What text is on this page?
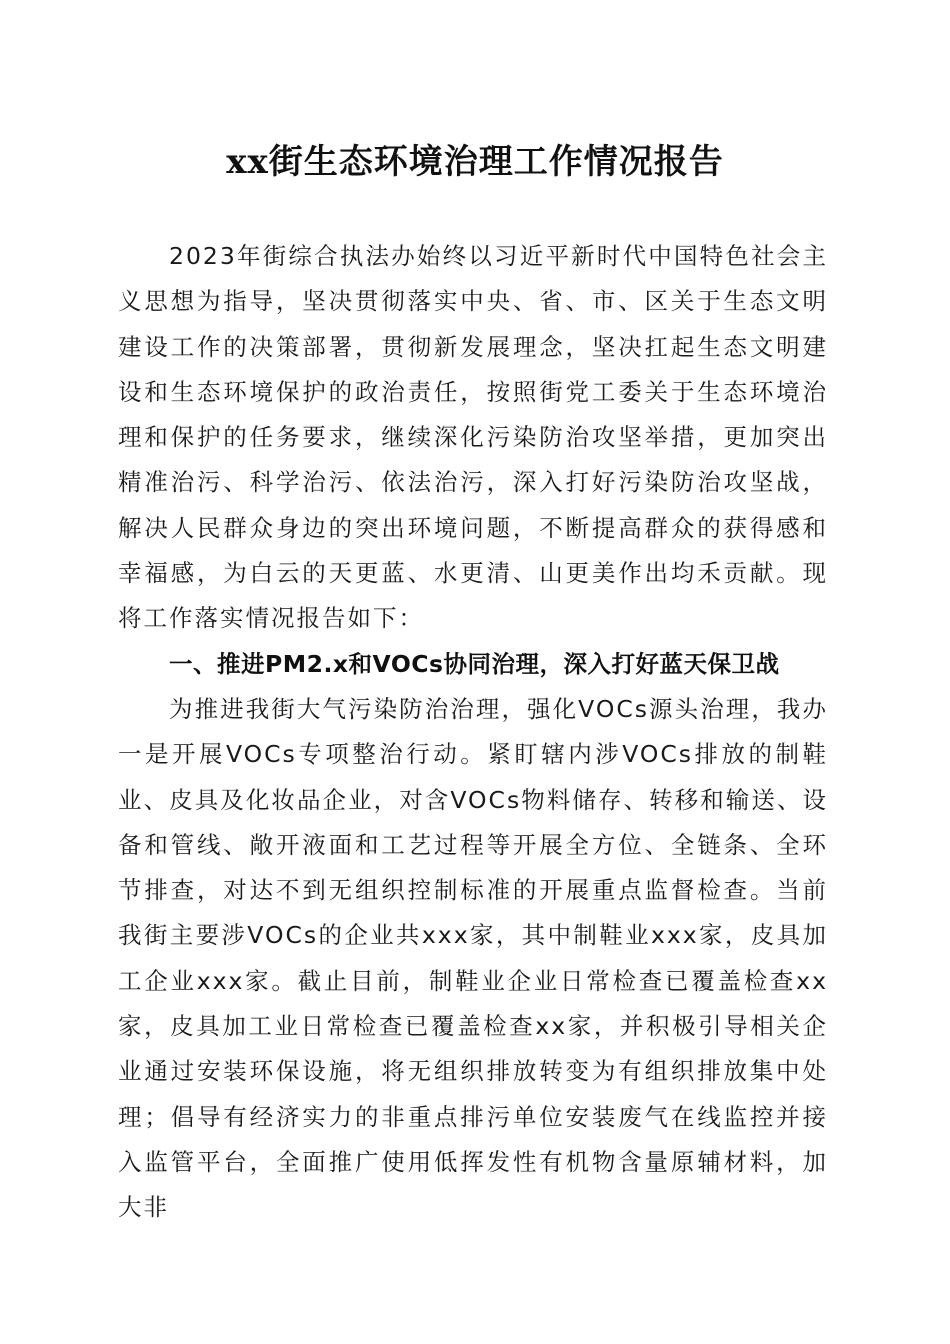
xx街生态环境治理工作情况报告

2023年街综合执法办始终以习近平新时代中国特色社会主义思想为指导，坚决贯彻落实中央、省、市、区关于生态文明建设工作的决策部署，贯彻新发展理念，坚决扛起生态文明建设和生态环境保护的政治责任，按照街党工委关于生态环境治理和保护的任务要求，继续深化污染防治攻坚举措，更加突出精准治污、科学治污、依法治污，深入打好污染防治攻坚战，解决人民群众身边的突出环境问题，不断提高群众的获得感和幸福感，为白云的天更蓝、水更清、山更美作出均禾贡献。现将工作落实情况报告如下：

一、推进PM2.x和VOCs协同治理，深入打好蓝天保卫战

为推进我街大气污染防治治理，强化VOCs源头治理，我办一是开展VOCs专项整治行动。紧盯辖内涉VOCs排放的制鞋业、皮具及化妆品企业，对含VOCs物料储存、转移和输送、设备和管线、敞开液面和工艺过程等开展全方位、全链条、全环节排查，对达不到无组织控制标准的开展重点监督检查。当前我街主要涉VOCs的企业共xxx家，其中制鞋业xxx家，皮具加工企业xxx家。截止目前，制鞋业企业日常检查已覆盖检查xx家，皮具加工业日常检查已覆盖检查xx家，并积极引导相关企业通过安装环保设施，将无组织排放转变为有组织排放集中处理；倡导有经济实力的非重点排污单位安装废气在线监控并接入监管平台，全面推广使用低挥发性有机物含量原辅材料，加大非
